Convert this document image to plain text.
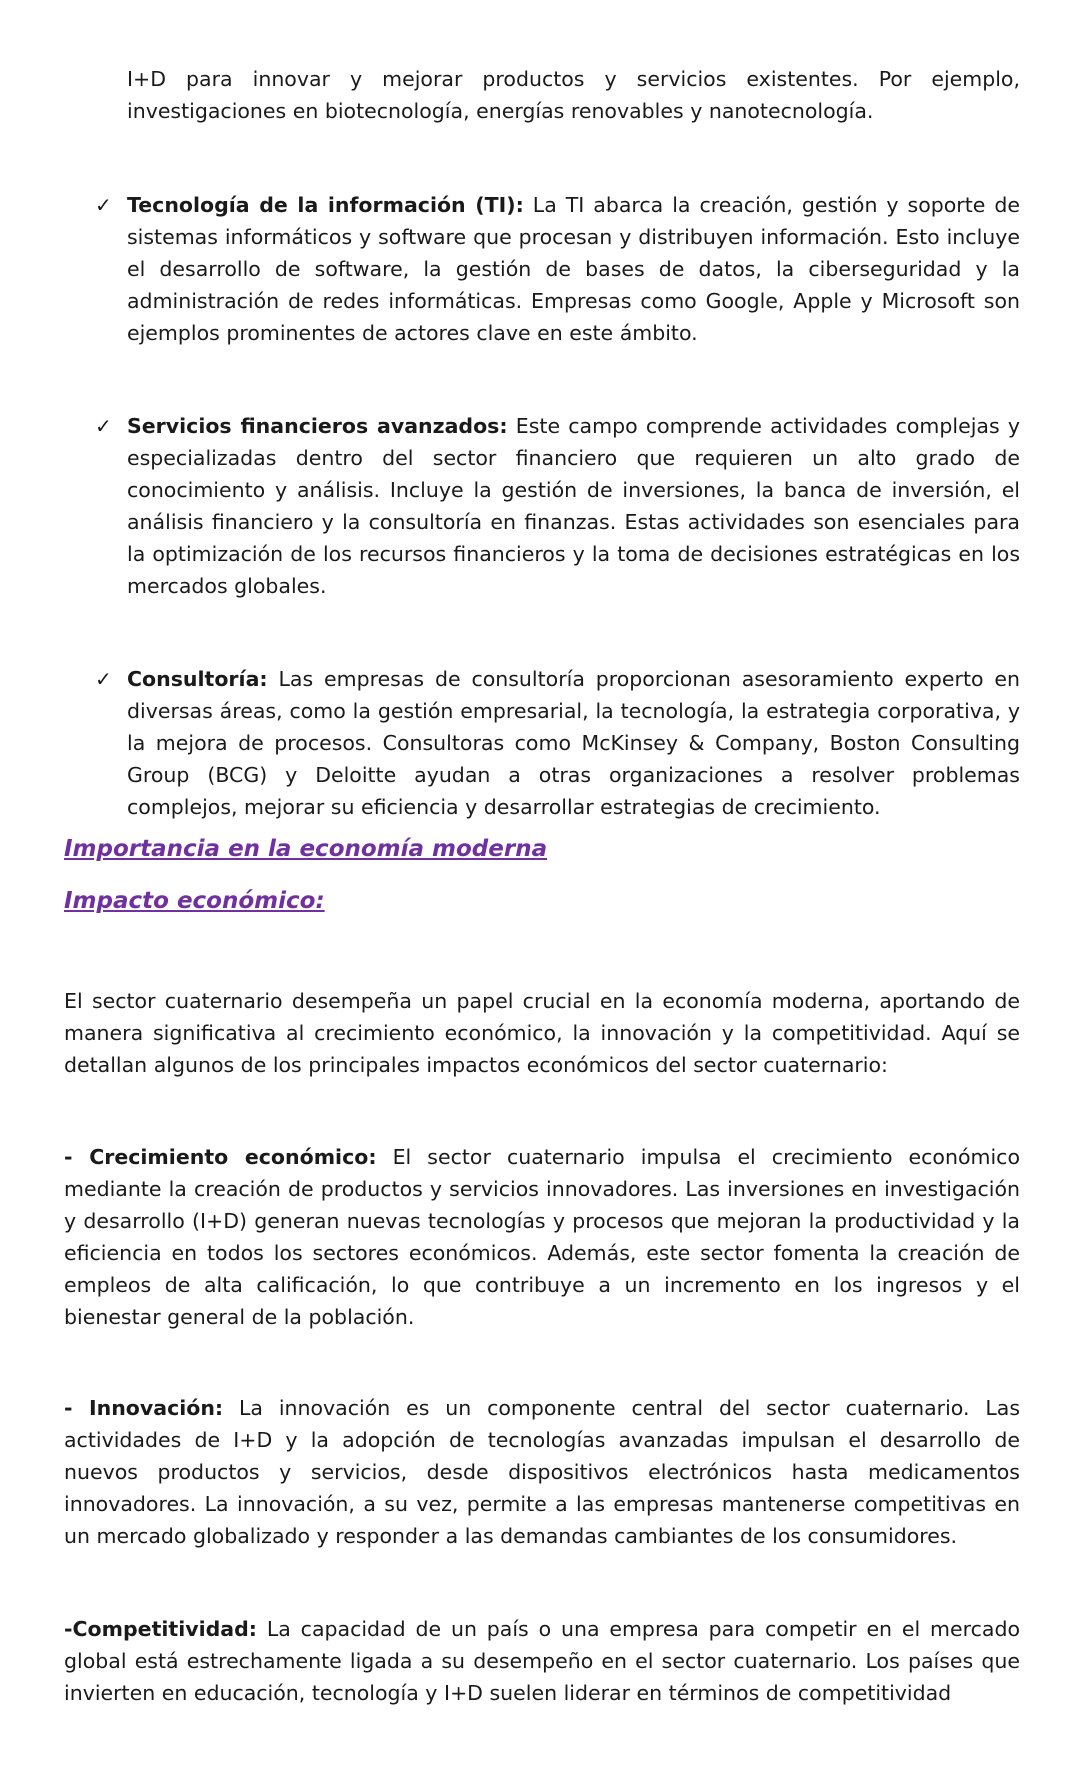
I+D para innovar y mejorar productos y servicios existentes. Por ejemplo, investigaciones en biotecnología, energías renovables y nanotecnología.

✓ Tecnología de la información (TI): La TI abarca la creación, gestión y soporte de sistemas informáticos y software que procesan y distribuyen información. Esto incluye el desarrollo de software, la gestión de bases de datos, la ciberseguridad y la administración de redes informáticas. Empresas como Google, Apple y Microsoft son ejemplos prominentes de actores clave en este ámbito.

✓ Servicios financieros avanzados: Este campo comprende actividades complejas y especializadas dentro del sector financiero que requieren un alto grado de conocimiento y análisis. Incluye la gestión de inversiones, la banca de inversión, el análisis financiero y la consultoría en finanzas. Estas actividades son esenciales para la optimización de los recursos financieros y la toma de decisiones estratégicas en los mercados globales.

✓ Consultoría: Las empresas de consultoría proporcionan asesoramiento experto en diversas áreas, como la gestión empresarial, la tecnología, la estrategia corporativa, y la mejora de procesos. Consultoras como McKinsey & Company, Boston Consulting Group (BCG) y Deloitte ayudan a otras organizaciones a resolver problemas complejos, mejorar su eficiencia y desarrollar estrategias de crecimiento.

Importancia en la economía moderna
Impacto económico:

El sector cuaternario desempeña un papel crucial en la economía moderna, aportando de manera significativa al crecimiento económico, la innovación y la competitividad. Aquí se detallan algunos de los principales impactos económicos del sector cuaternario:

- Crecimiento económico: El sector cuaternario impulsa el crecimiento económico mediante la creación de productos y servicios innovadores. Las inversiones en investigación y desarrollo (I+D) generan nuevas tecnologías y procesos que mejoran la productividad y la eficiencia en todos los sectores económicos. Además, este sector fomenta la creación de empleos de alta calificación, lo que contribuye a un incremento en los ingresos y el bienestar general de la población.

- Innovación: La innovación es un componente central del sector cuaternario. Las actividades de I+D y la adopción de tecnologías avanzadas impulsan el desarrollo de nuevos productos y servicios, desde dispositivos electrónicos hasta medicamentos innovadores. La innovación, a su vez, permite a las empresas mantenerse competitivas en un mercado globalizado y responder a las demandas cambiantes de los consumidores.

-Competitividad: La capacidad de un país o una empresa para competir en el mercado global está estrechamente ligada a su desempeño en el sector cuaternario. Los países que invierten en educación, tecnología y I+D suelen liderar en términos de competitividad
